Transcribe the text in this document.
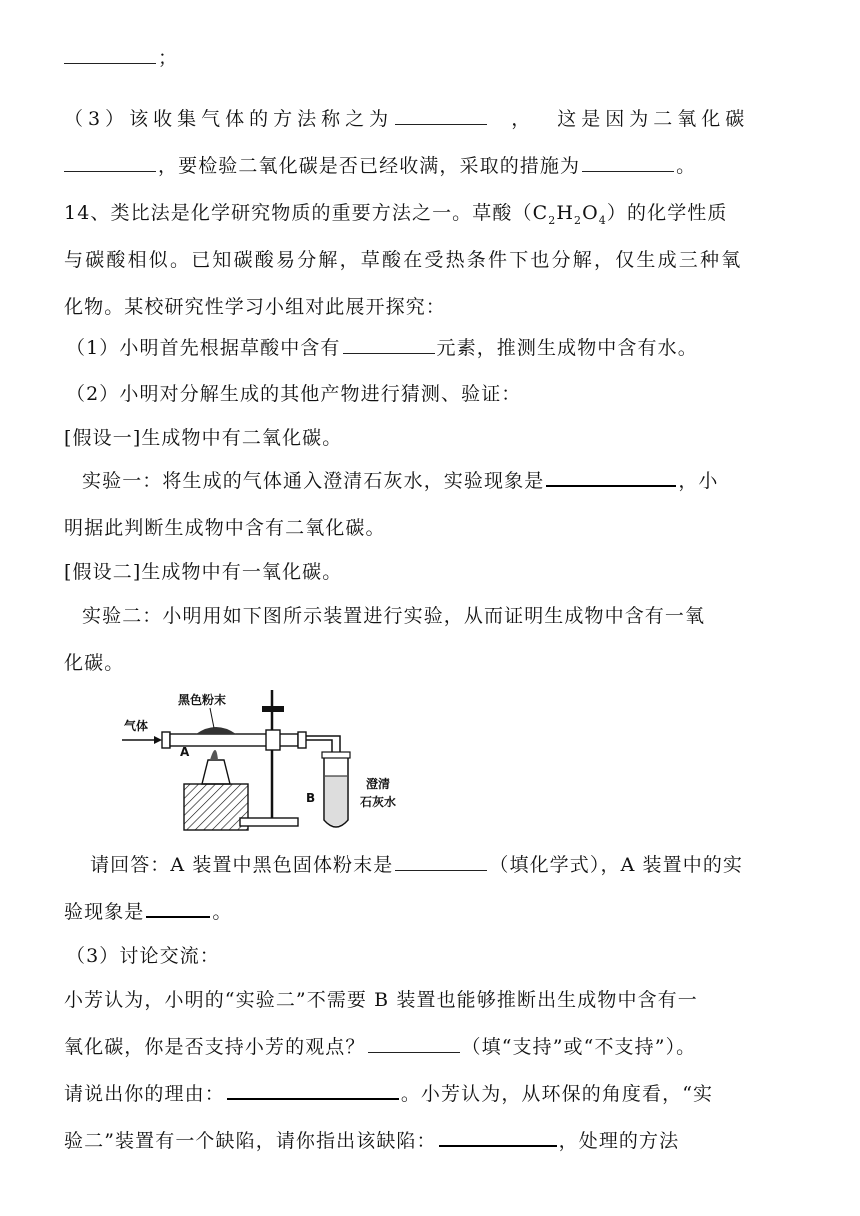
；
（3）该收集气体的方法称之为	， 这是因为二氧化碳
，要检验二氧化碳是否已经收满，采取的措施为	。
14、类比法是化学研究物质的重要方法之一。草酸$(C_2H_2O_4)$的化学性质
与碳酸相似。已知碳酸易分解，草酸在受热条件下也分解，仅生成三种氧
化物。某校研究性学习小组对此展开探究：
（1）小明首先根据草酸中含有	元素，推测生成物中含有水。
（2）小明对分解生成的其他产物进行猜测、验证：
[假设一]生成物中有二氧化碳。
实验一：将生成的气体通入澄清石灰水，实验现象是	，小
明据此判断生成物中含有二氧化碳。
[假设二]生成物中有一氧化碳。
实验二：小明用如下图所示装置进行实验，从而证明生成物中含有一氧
化碳。
气体
黑色粉末
A
B
澄清
石灰水
请回答：A 装置中黑色固体粉末是	（填化学式），A 装置中的实
验现象是	。
（3）讨论交流：
小芳认为，小明的“实验二”不需要 B 装置也能够推断出生成物中含有一
氧化碳，你是否支持小芳的观点？	（填“支持”或“不支持”）。
请说出你的理由：	。小芳认为，从环保的角度看，“实
验二”装置有一个缺陷，请你指出该缺陷：	，处理的方法
